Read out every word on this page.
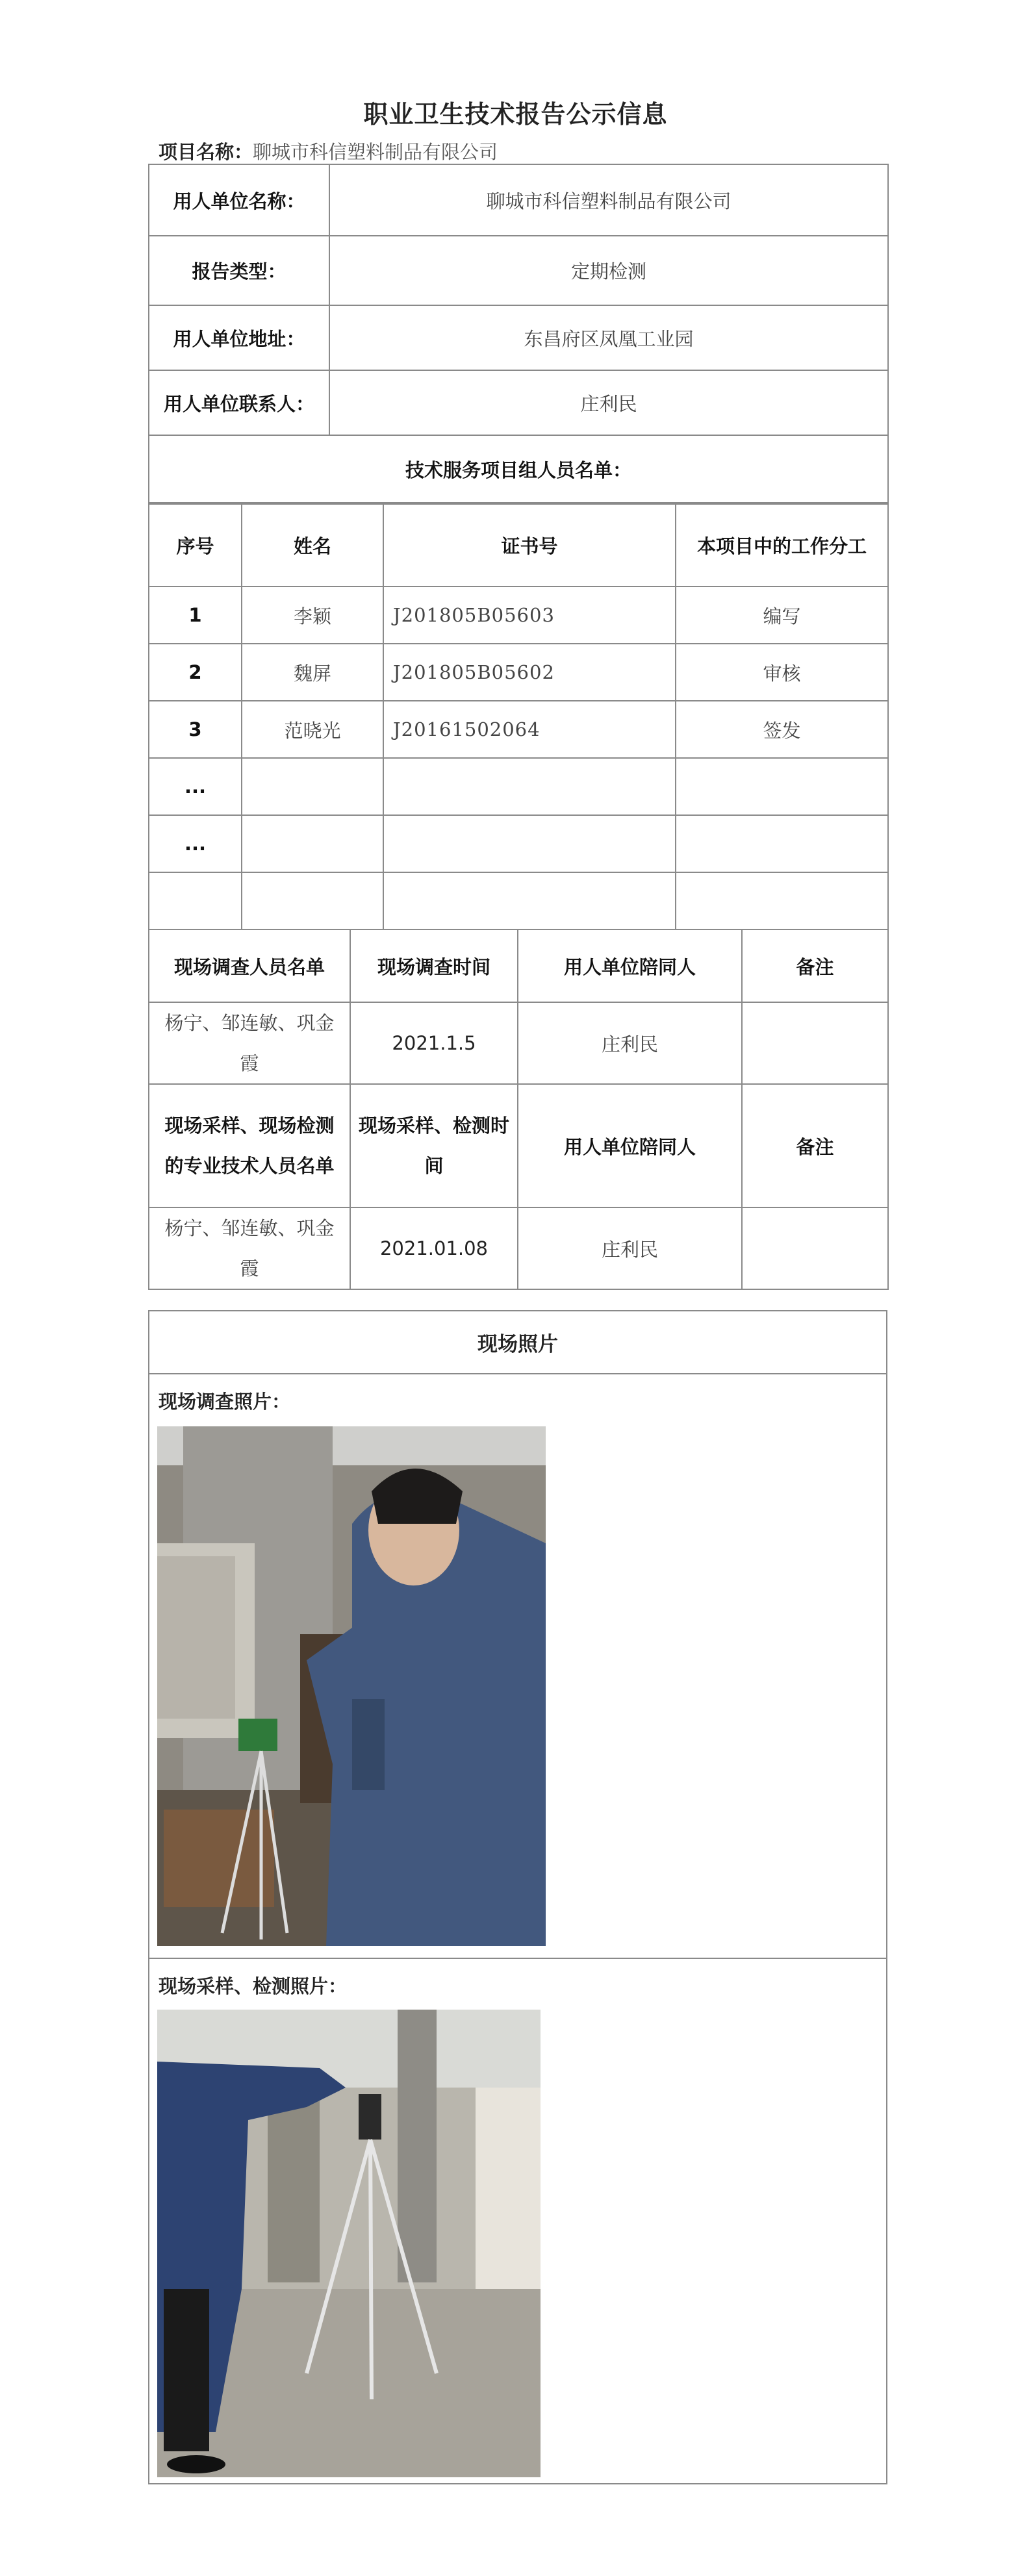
职业卫生技术报告公示信息
项目名称：聊城市科信塑料制品有限公司
用人单位名称：	聊城市科信塑料制品有限公司
报告类型：	定期检测
用人单位地址：	东昌府区凤凰工业园
用人单位联系人：	庄利民
技术服务项目组人员名单：	
序号	姓名	证书号	本项目中的工作分工
1	李颖	J201805B05603	编写
2	魏屏	J201805B05602	审核
3	范晓光	J20161502064	签发
...			
...			

现场调查人员名单	现场调查时间	用人单位陪同人	备注
杨宁、邹连敏、巩金霞	2021.1.5	庄利民	
现场采样、现场检测的专业技术人员名单	现场采样、检测时间	用人单位陪同人	备注
杨宁、邹连敏、巩金霞	2021.01.08	庄利民	
现场照片
现场调查照片：
现场采样、检测照片：
